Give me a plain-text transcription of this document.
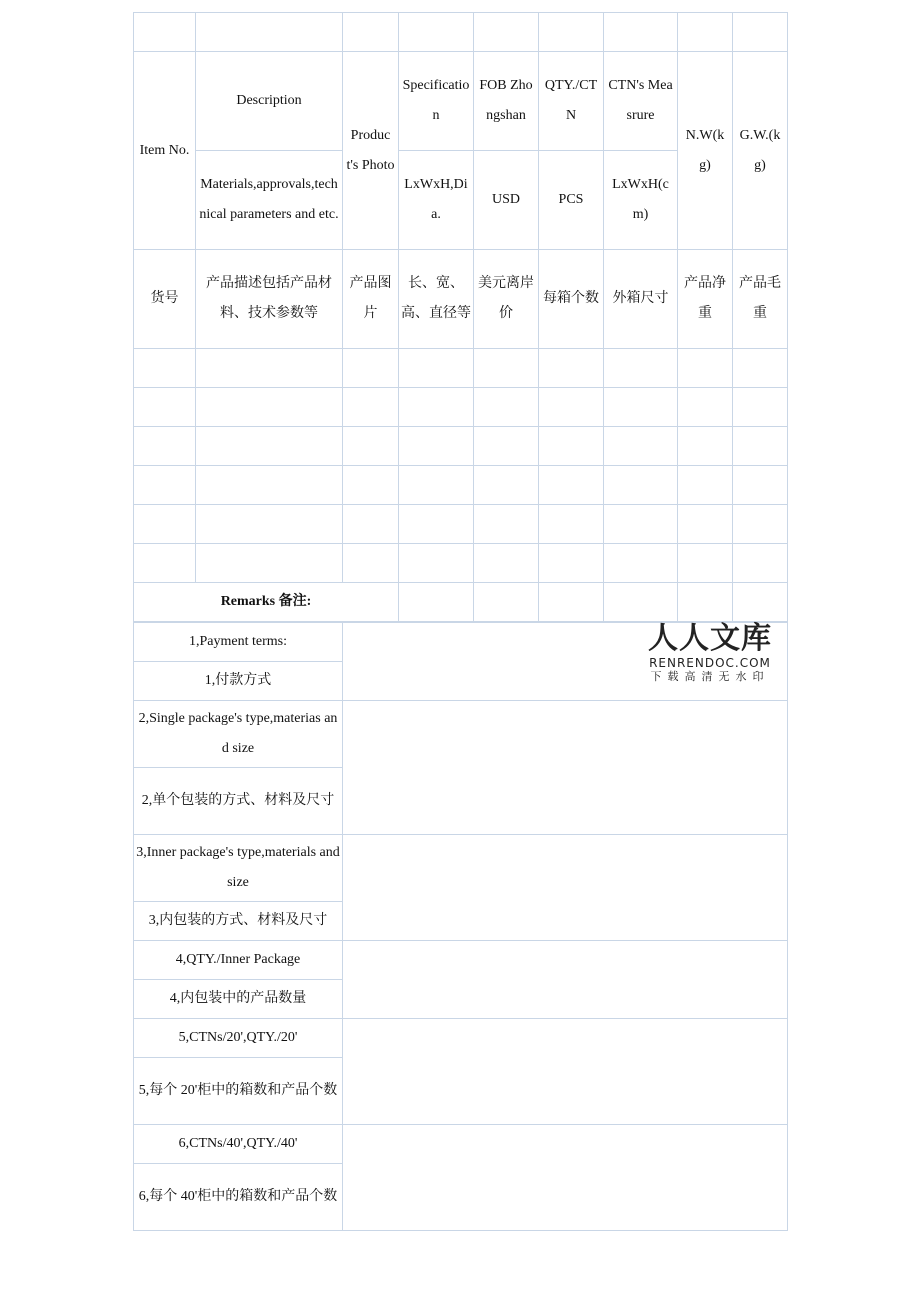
Item No.	Description	Product's Photo	Specification	FOB Zhongshan	QTY./CTN	CTN's Measrure	N.W(kg)	G.W.(kg)
	Materials,approvals,technical parameters and etc.		LxWxH,Dia.	USD	PCS	LxWxH(cm)		
货号	产品描述包括产品材料、技术参数等	产品图片	长、宽、高、直径等	美元离岸价	每箱个数	外箱尺寸	产品净重	产品毛重

Remarks 备注:								
1,Payment terms:	
1,付款方式	
2,Single package's type,materias and size	
2,单个包装的方式、材料及尺寸	
3,Inner package's type,materials and size	
3,内包装的方式、材料及尺寸	
4,QTY./Inner Package	
4,内包装中的产品数量	
5,CTNs/20',QTY./20'	
5,每个 20'柜中的箱数和产品个数	
6,CTNs/40',QTY./40'	
6,每个 40'柜中的箱数和产品个数	
人人文库
RENRENDOC.COM
下载高清无水印
